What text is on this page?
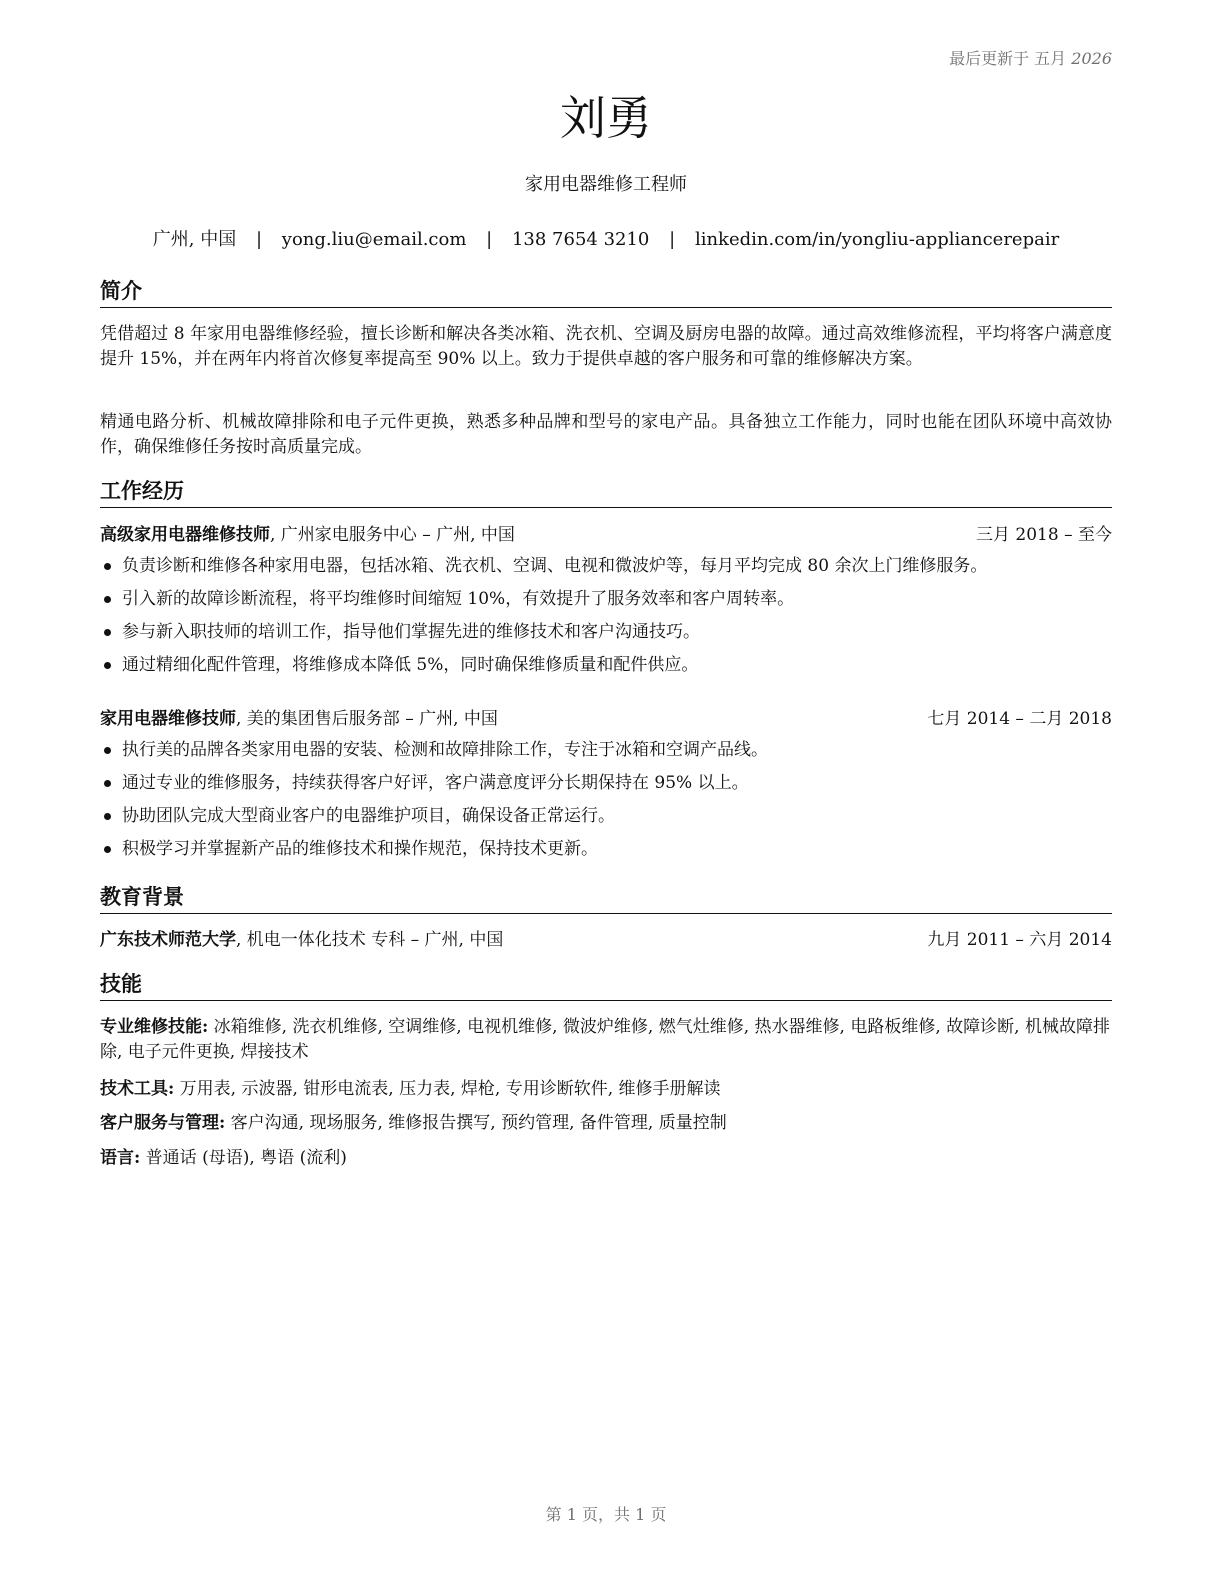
最后更新于 五月 2026
刘勇
家用电器维修工程师
广州, 中国 | yong.liu@email.com | 138 7654 3210 | linkedin.com/in/yongliu-appliancerepair
简介
凭借超过 8 年家用电器维修经验，擅长诊断和解决各类冰箱、洗衣机、空调及厨房电器的故障。通过高效维修流程，平均将客户满意度提升 15%，并在两年内将首次修复率提高至 90% 以上。致力于提供卓越的客户服务和可靠的维修解决方案。
精通电路分析、机械故障排除和电子元件更换，熟悉多种品牌和型号的家电产品。具备独立工作能力，同时也能在团队环境中高效协作，确保维修任务按时高质量完成。
工作经历
高级家用电器维修技师, 广州家电服务中心 – 广州, 中国	三月 2018 – 至今
负责诊断和维修各种家用电器，包括冰箱、洗衣机、空调、电视和微波炉等，每月平均完成 80 余次上门维修服务。
引入新的故障诊断流程，将平均维修时间缩短 10%，有效提升了服务效率和客户周转率。
参与新入职技师的培训工作，指导他们掌握先进的维修技术和客户沟通技巧。
通过精细化配件管理，将维修成本降低 5%，同时确保维修质量和配件供应。
家用电器维修技师, 美的集团售后服务部 – 广州, 中国	七月 2014 – 二月 2018
执行美的品牌各类家用电器的安装、检测和故障排除工作，专注于冰箱和空调产品线。
通过专业的维修服务，持续获得客户好评，客户满意度评分长期保持在 95% 以上。
协助团队完成大型商业客户的电器维护项目，确保设备正常运行。
积极学习并掌握新产品的维修技术和操作规范，保持技术更新。
教育背景
广东技术师范大学, 机电一体化技术 专科 – 广州, 中国	九月 2011 – 六月 2014
技能
专业维修技能: 冰箱维修, 洗衣机维修, 空调维修, 电视机维修, 微波炉维修, 燃气灶维修, 热水器维修, 电路板维修, 故障诊断, 机械故障排除, 电子元件更换, 焊接技术
技术工具: 万用表, 示波器, 钳形电流表, 压力表, 焊枪, 专用诊断软件, 维修手册解读
客户服务与管理: 客户沟通, 现场服务, 维修报告撰写, 预约管理, 备件管理, 质量控制
语言: 普通话 (母语), 粤语 (流利)
第 1 页，共 1 页
